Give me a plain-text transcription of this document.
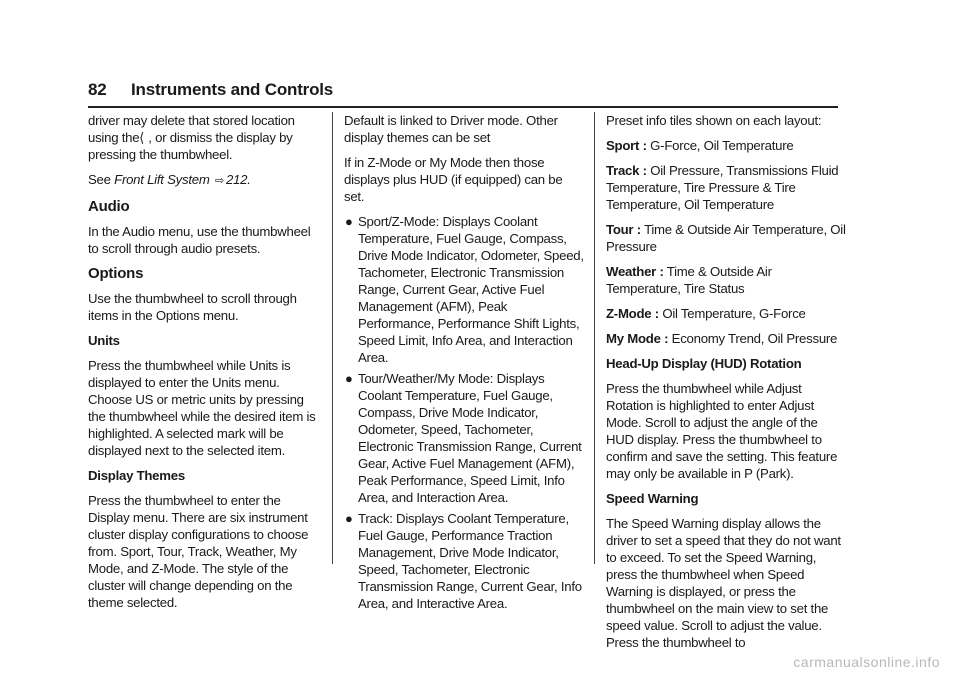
82 Instruments and Controls

driver may delete that stored location using the⟨ , or dismiss the display by pressing the thumbwheel.

See Front Lift System ⇨ 212.

Audio

In the Audio menu, use the thumbwheel to scroll through audio presets.

Options

Use the thumbwheel to scroll through items in the Options menu.

Units

Press the thumbwheel while Units is displayed to enter the Units menu. Choose US or metric units by pressing the thumbwheel while the desired item is highlighted. A selected mark will be displayed next to the selected item.

Display Themes

Press the thumbwheel to enter the Display menu. There are six instrument cluster display configurations to choose from. Sport, Tour, Track, Weather, My Mode, and Z-Mode. The style of the cluster will change depending on the theme selected.

Default is linked to Driver mode. Other display themes can be set

If in Z-Mode or My Mode then those displays plus HUD (if equipped) can be set.

● Sport/Z-Mode: Displays Coolant Temperature, Fuel Gauge, Compass, Drive Mode Indicator, Odometer, Speed, Tachometer, Electronic Transmission Range, Current Gear, Active Fuel Management (AFM), Peak Performance, Performance Shift Lights, Speed Limit, Info Area, and Interaction Area.
● Tour/Weather/My Mode: Displays Coolant Temperature, Fuel Gauge, Compass, Drive Mode Indicator, Odometer, Speed, Tachometer, Electronic Transmission Range, Current Gear, Active Fuel Management (AFM), Peak Performance, Speed Limit, Info Area, and Interaction Area.
● Track: Displays Coolant Temperature, Fuel Gauge, Performance Traction Management, Drive Mode Indicator, Speed, Tachometer, Electronic Transmission Range, Current Gear, Info Area, and Interactive Area.

Preset info tiles shown on each layout:

Sport : G-Force, Oil Temperature

Track : Oil Pressure, Transmissions Fluid Temperature, Tire Pressure & Tire Temperature, Oil Temperature

Tour : Time & Outside Air Temperature, Oil Pressure

Weather : Time & Outside Air Temperature, Tire Status

Z-Mode : Oil Temperature, G-Force

My Mode : Economy Trend, Oil Pressure

Head-Up Display (HUD) Rotation

Press the thumbwheel while Adjust Rotation is highlighted to enter Adjust Mode. Scroll to adjust the angle of the HUD display. Press the thumbwheel to confirm and save the setting. This feature may only be available in P (Park).

Speed Warning

The Speed Warning display allows the driver to set a speed that they do not want to exceed. To set the Speed Warning, press the thumbwheel when Speed Warning is displayed, or press the thumbwheel on the main view to set the speed value. Scroll to adjust the value. Press the thumbwheel to

carmanualsonline.info
